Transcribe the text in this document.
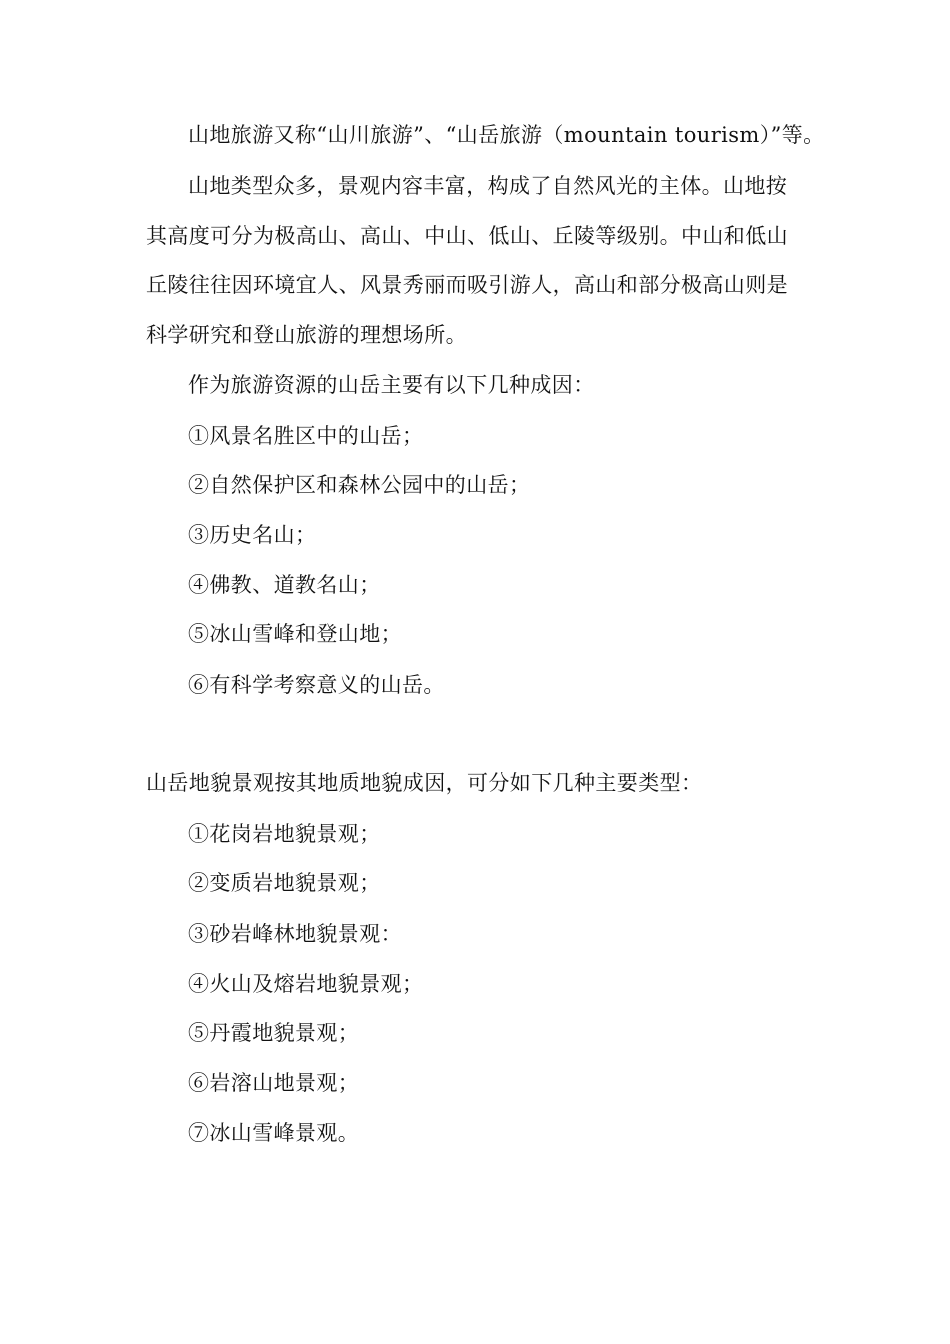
山地旅游又称“山川旅游”、“山岳旅游（mountain tourism）”等。
山地类型众多，景观内容丰富，构成了自然风光的主体。山地按
其高度可分为极高山、高山、中山、低山、丘陵等级别。中山和低山
丘陵往往因环境宜人、风景秀丽而吸引游人，高山和部分极高山则是
科学研究和登山旅游的理想场所。
作为旅游资源的山岳主要有以下几种成因：
①风景名胜区中的山岳；
②自然保护区和森林公园中的山岳；
③历史名山；
④佛教、道教名山；
⑤冰山雪峰和登山地；
⑥有科学考察意义的山岳。
山岳地貌景观按其地质地貌成因，可分如下几种主要类型：
①花岗岩地貌景观；
②变质岩地貌景观；
③砂岩峰林地貌景观：
④火山及熔岩地貌景观；
⑤丹霞地貌景观；
⑥岩溶山地景观；
⑦冰山雪峰景观。
